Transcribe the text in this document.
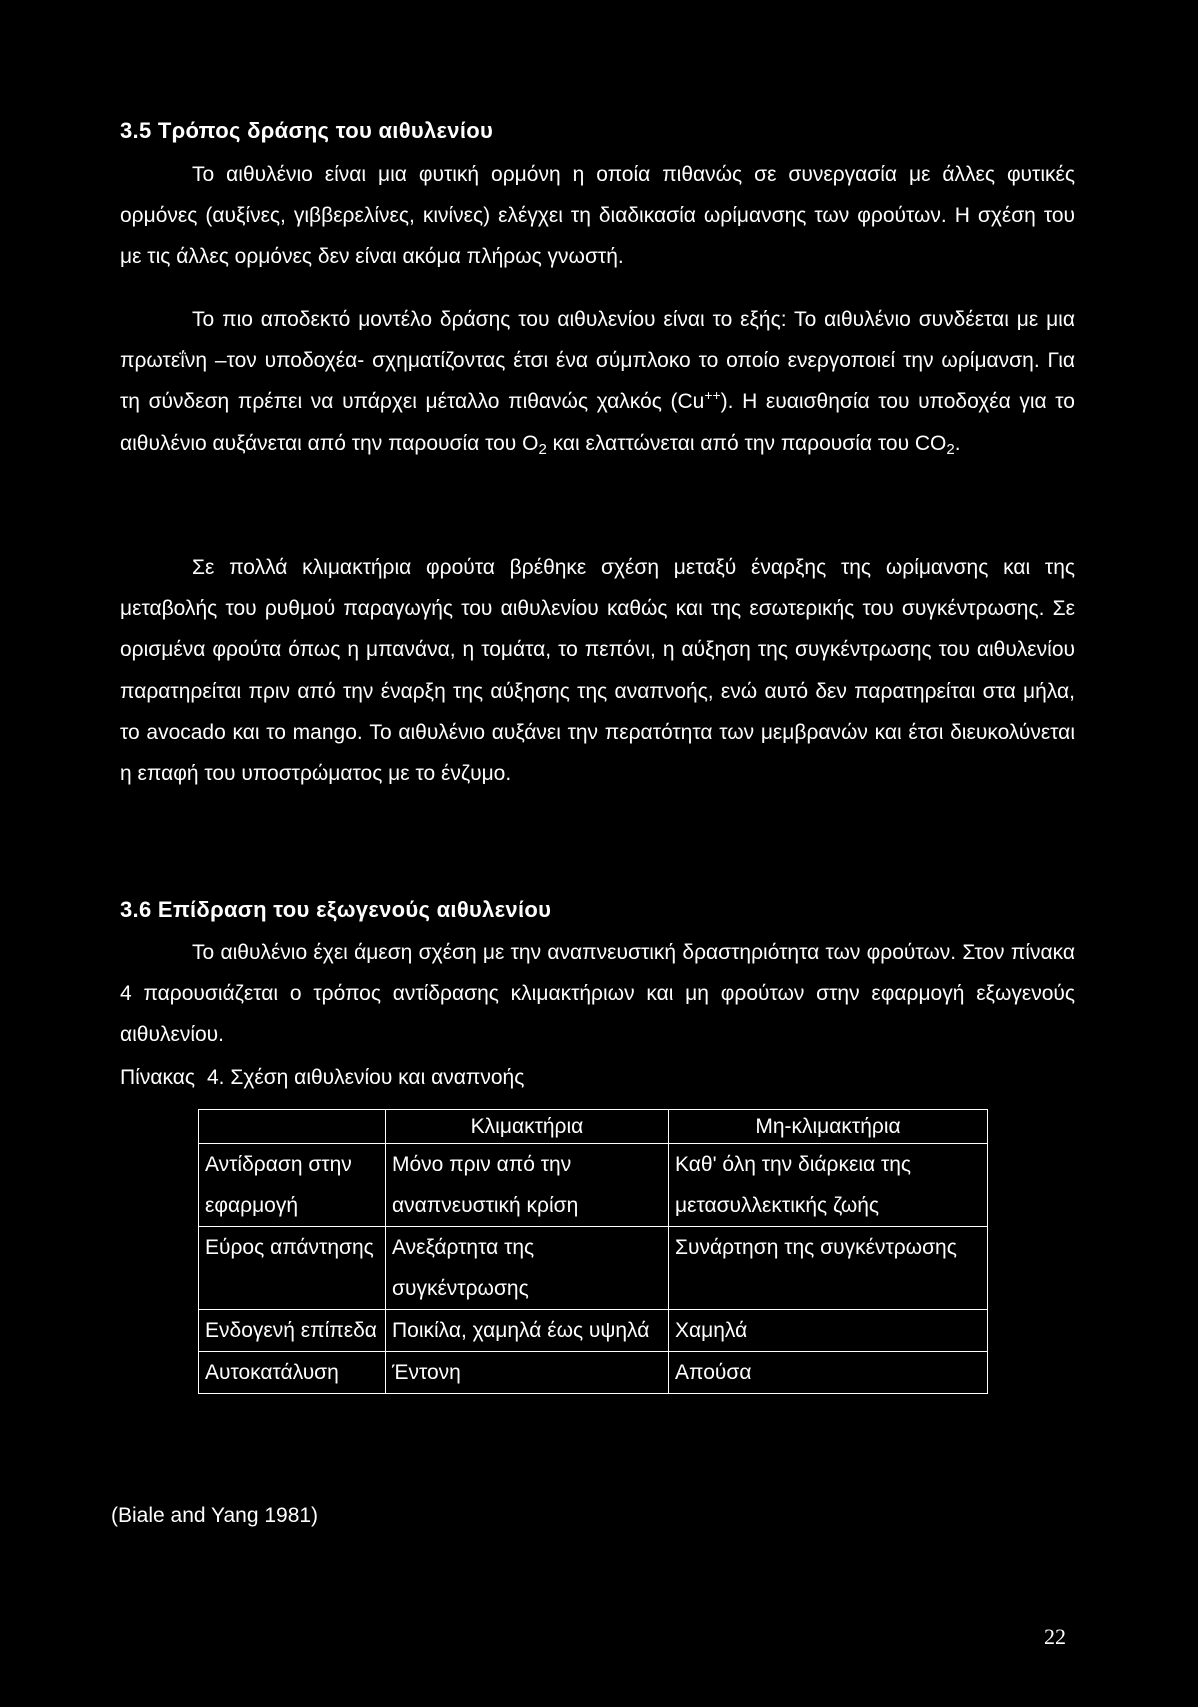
3.5 Τρόπος δράσης του αιθυλενίου

Το αιθυλένιο είναι μια φυτική ορμόνη η οποία πιθανώς σε συνεργασία με άλλες φυτικές ορμόνες (αυξίνες, γιββερελίνες, κινίνες) ελέγχει τη διαδικασία ωρίμανσης των φρούτων. Η σχέση του με τις άλλες ορμόνες δεν είναι ακόμα πλήρως γνωστή.

Το πιο αποδεκτό μοντέλο δράσης του αιθυλενίου είναι το εξής: Το αιθυλένιο συνδέεται με μια πρωτεΐνη –τον υποδοχέα- σχηματίζοντας έτσι ένα σύμπλοκο το οποίο ενεργοποιεί την ωρίμανση. Για τη σύνδεση πρέπει να υπάρχει μέταλλο πιθανώς χαλκός (Cu++). Η ευαισθησία του υποδοχέα για το αιθυλένιο αυξάνεται από την παρουσία του $O_2$ και ελαττώνεται από την παρουσία του $CO_2$.

Σε πολλά κλιμακτήρια φρούτα βρέθηκε σχέση μεταξύ έναρξης της ωρίμανσης και της μεταβολής του ρυθμού παραγωγής του αιθυλενίου καθώς και της εσωτερικής του συγκέντρωσης. Σε ορισμένα φρούτα όπως η μπανάνα, η τομάτα, το πεπόνι, η αύξηση της συγκέντρωσης του αιθυλενίου παρατηρείται πριν από την έναρξη της αύξησης της αναπνοής, ενώ αυτό δεν παρατηρείται στα μήλα, το avocado και το mango. Το αιθυλένιο αυξάνει την περατότητα των μεμβρανών και έτσι διευκολύνεται η επαφή του υποστρώματος με το ένζυμο.

3.6 Επίδραση του εξωγενούς αιθυλενίου

Το αιθυλένιο έχει άμεση σχέση με την αναπνευστική δραστηριότητα των φρούτων. Στον πίνακα 4 παρουσιάζεται ο τρόπος αντίδρασης κλιμακτήριων και μη φρούτων στην εφαρμογή εξωγενούς αιθυλενίου.

Πίνακας 4. Σχέση αιθυλενίου και αναπνοής

	Κλιμακτήρια	Μη-κλιμακτήρια
Αντίδραση στην εφαρμογή	Μόνο πριν από την αναπνευστική κρίση	Καθ' όλη την διάρκεια της μετασυλλεκτικής ζωής
Εύρος απάντησης	Ανεξάρτητα της συγκέντρωσης	Συνάρτηση της συγκέντρωσης
Ενδογενή επίπεδα	Ποικίλα, χαμηλά έως υψηλά	Χαμηλά
Αυτοκατάλυση	Έντονη	Απούσα

(Biale and Yang 1981)

22
